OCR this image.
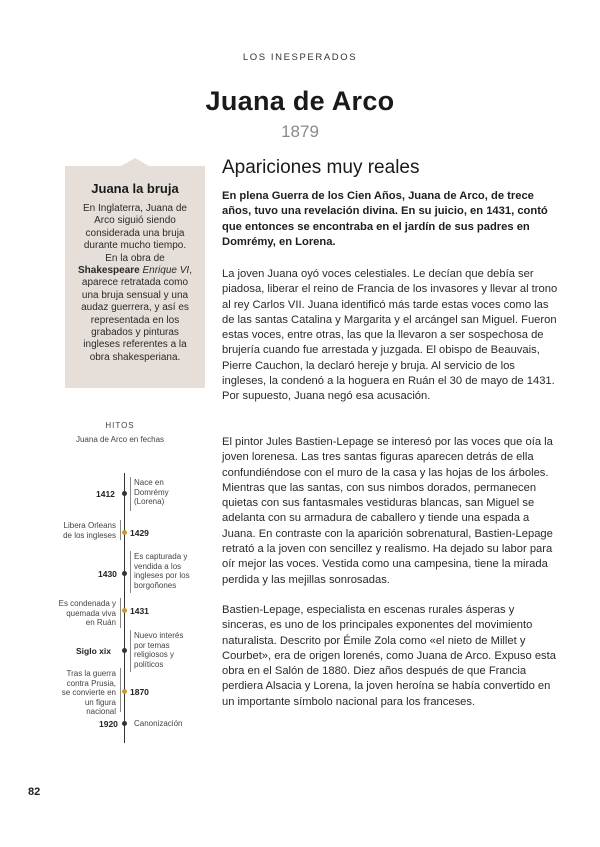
LOS INESPERADOS
Juana de Arco
1879
Juana la bruja
En Inglaterra, Juana de Arco siguió siendo considerada una bruja durante mucho tiempo. En la obra de Shakespeare Enrique VI, aparece retratada como una bruja sensual y una audaz guerrera, y así es representada en los grabados y pinturas ingleses referentes a la obra shakesperiana.
HITOS
Juana de Arco en fechas
1412
Nace en Domrémy (Lorena)
1429
Libera Orleans de los ingleses
1430
Es capturada y vendida a los ingleses por los borgoñones
1431
Es condenada y quemada viva en Ruán
Siglo xix
Nuevo interés por temas religiosos y políticos
1870
Tras la guerra contra Prusia, se convierte en un figura nacional
1920 Canonización
Apariciones muy reales
En plena Guerra de los Cien Años, Juana de Arco, de trece años, tuvo una revelación divina. En su juicio, en 1431, contó que entonces se encontraba en el jardín de sus padres en Domrémy, en Lorena.
La joven Juana oyó voces celestiales. Le decían que debía ser piadosa, liberar el reino de Francia de los invasores y llevar al trono al rey Carlos VII. Juana identificó más tarde estas voces como las de las santas Catalina y Margarita y el arcángel san Miguel. Fueron estas voces, entre otras, las que la llevaron a ser sospechosa de brujería cuando fue arrestada y juzgada. El obispo de Beauvais, Pierre Cauchon, la declaró hereje y bruja. Al servicio de los ingleses, la condenó a la hoguera en Ruán el 30 de mayo de 1431. Por supuesto, Juana negó esa acusación.
El pintor Jules Bastien-Lepage se interesó por las voces que oía la joven lorenesa. Las tres santas figuras aparecen detrás de ella confundiéndose con el muro de la casa y las hojas de los árboles. Mientras que las santas, con sus nimbos dorados, permanecen quietas con sus fantasmales vestiduras blancas, san Miguel se adelanta con su armadura de caballero y tiende una espada a Juana. En contraste con la aparición sobrenatural, Bastien-Lepage retrató a la joven con sencillez y realismo. Ha dejado su labor para oír mejor las voces. Vestida como una campesina, tiene la mirada perdida y las mejillas sonrosadas.
Bastien-Lepage, especialista en escenas rurales ásperas y sinceras, es uno de los principales exponentes del movimiento naturalista. Descrito por Émile Zola como «el nieto de Millet y Courbet», era de origen lorenés, como Juana de Arco. Expuso esta obra en el Salón de 1880. Diez años después de que Francia perdiera Alsacia y Lorena, la joven heroína se había convertido en un importante símbolo nacional para los franceses.
82
